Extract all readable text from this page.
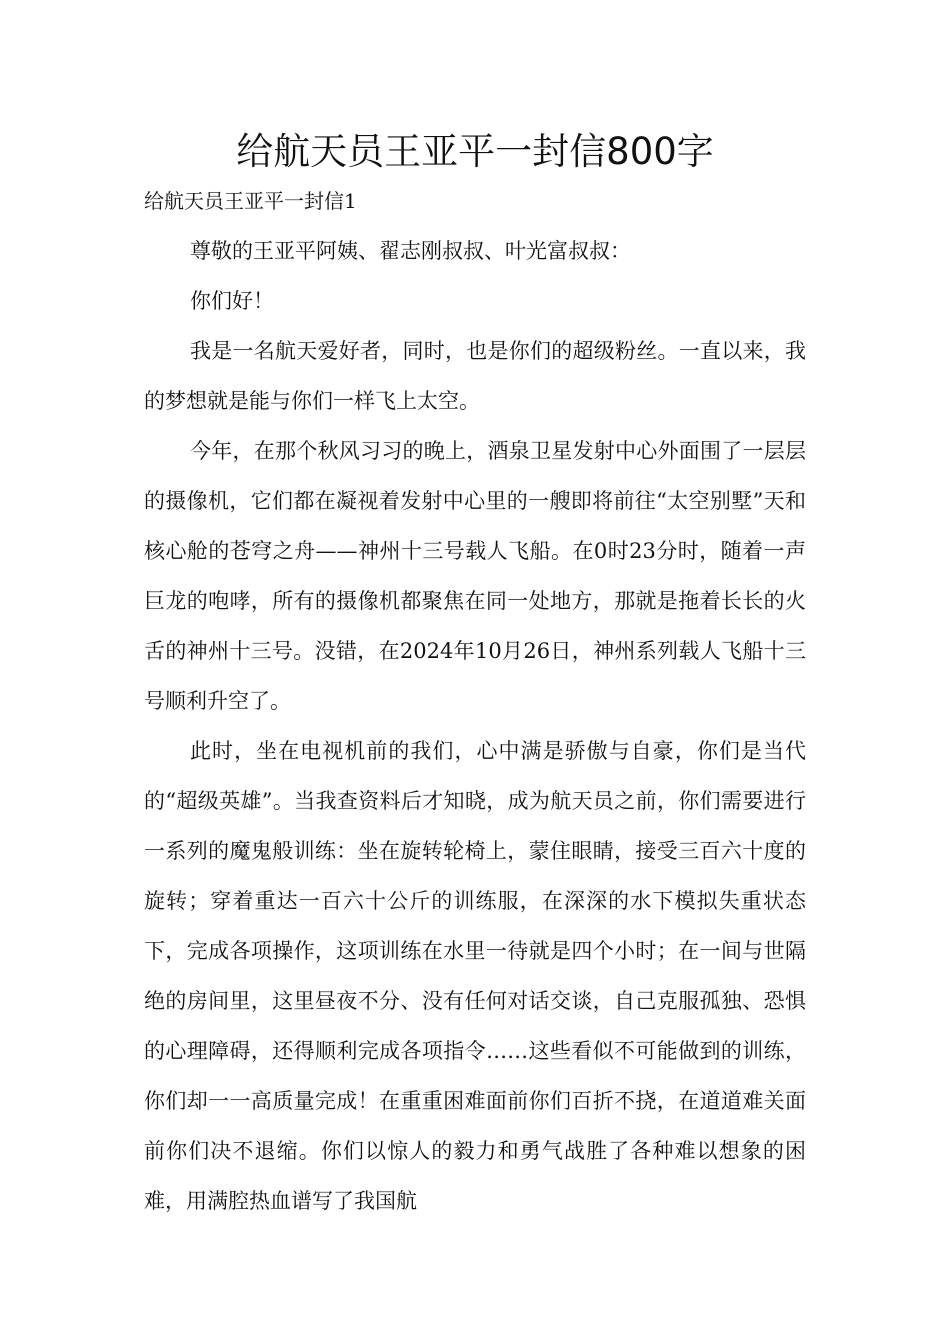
给航天员王亚平一封信800字

给航天员王亚平一封信1

尊敬的王亚平阿姨、翟志刚叔叔、叶光富叔叔：

你们好！

我是一名航天爱好者，同时，也是你们的超级粉丝。一直以来，我的梦想就是能与你们一样飞上太空。

今年，在那个秋风习习的晚上，酒泉卫星发射中心外面围了一层层的摄像机，它们都在凝视着发射中心里的一艘即将前往“太空别墅”天和核心舱的苍穹之舟——神州十三号载人飞船。在0时23分时，随着一声巨龙的咆哮，所有的摄像机都聚焦在同一处地方，那就是拖着长长的火舌的神州十三号。没错，在2024年10月26日，神州系列载人飞船十三号顺利升空了。

此时，坐在电视机前的我们，心中满是骄傲与自豪，你们是当代的“超级英雄”。当我查资料后才知晓，成为航天员之前，你们需要进行一系列的魔鬼般训练：坐在旋转轮椅上，蒙住眼睛，接受三百六十度的旋转；穿着重达一百六十公斤的训练服，在深深的水下模拟失重状态下，完成各项操作，这项训练在水里一待就是四个小时；在一间与世隔绝的房间里，这里昼夜不分、没有任何对话交谈，自己克服孤独、恐惧的心理障碍，还得顺利完成各项指令……这些看似不可能做到的训练，你们却一一高质量完成！在重重困难面前你们百折不挠，在道道难关面前你们决不退缩。你们以惊人的毅力和勇气战胜了各种难以想象的困难，用满腔热血谱写了我国航
